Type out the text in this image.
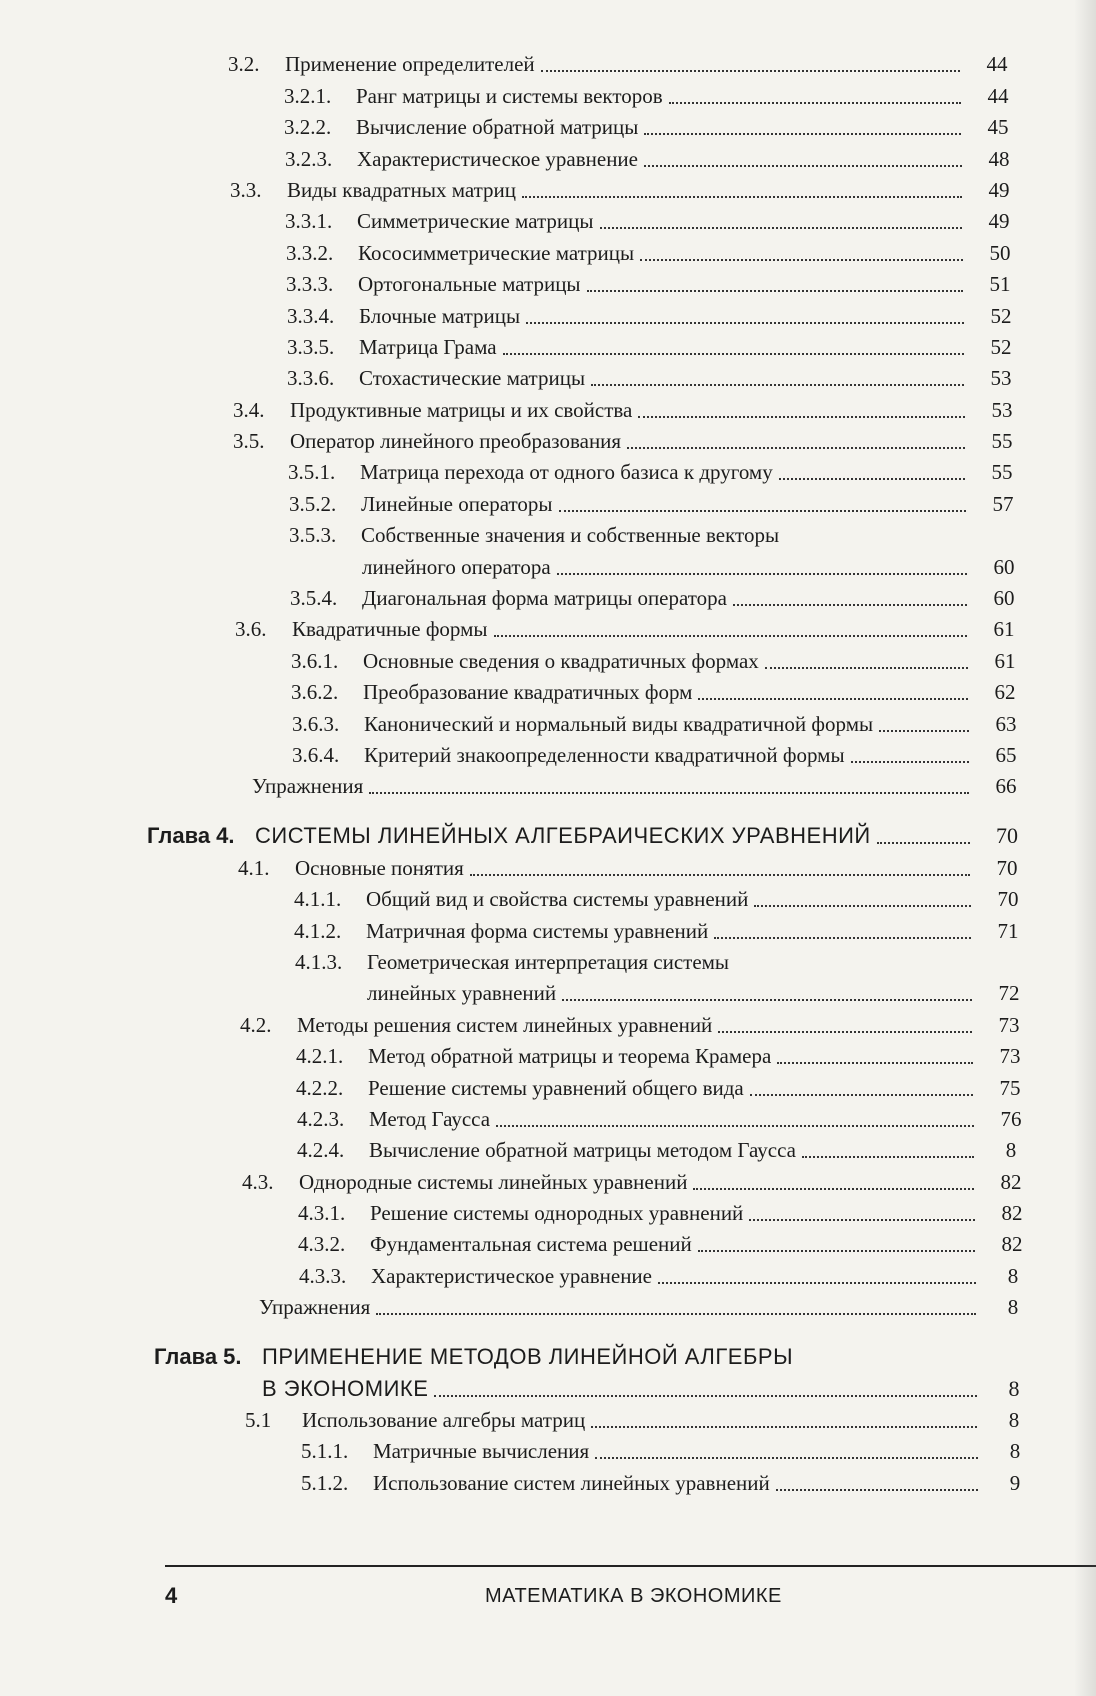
3.2. Применение определителей	44
3.2.1. Ранг матрицы и системы векторов	44
3.2.2. Вычисление обратной матрицы	45
3.2.3. Характеристическое уравнение	48
3.3. Виды квадратных матриц	49
3.3.1. Симметрические матрицы	49
3.3.2. Кососимметрические матрицы	50
3.3.3. Ортогональные матрицы	51
3.3.4. Блочные матрицы	52
3.3.5. Матрица Грама	52
3.3.6. Стохастические матрицы	53
3.4. Продуктивные матрицы и их свойства	53
3.5. Оператор линейного преобразования	55
3.5.1. Матрица перехода от одного базиса к другому	55
3.5.2. Линейные операторы	57
3.5.3. Собственные значения и собственные векторы
линейного оператора	60
3.5.4. Диагональная форма матрицы оператора	60
3.6. Квадратичные формы	61
3.6.1. Основные сведения о квадратичных формах	61
3.6.2. Преобразование квадратичных форм	62
3.6.3. Канонический и нормальный виды квадратичной формы	63
3.6.4. Критерий знакоопределенности квадратичной формы	65
Упражнения	66
Глава 4. СИСТЕМЫ ЛИНЕЙНЫХ АЛГЕБРАИЧЕСКИХ УРАВНЕНИЙ	70
4.1. Основные понятия	70
4.1.1. Общий вид и свойства системы уравнений	70
4.1.2. Матричная форма системы уравнений	71
4.1.3. Геометрическая интерпретация системы
линейных уравнений	72
4.2. Методы решения систем линейных уравнений	73
4.2.1. Метод обратной матрицы и теорема Крамера	73
4.2.2. Решение системы уравнений общего вида	75
4.2.3. Метод Гаусса	76
4.2.4. Вычисление обратной матрицы методом Гаусса	8
4.3. Однородные системы линейных уравнений	82
4.3.1. Решение системы однородных уравнений	82
4.3.2. Фундаментальная система решений	82
4.3.3. Характеристическое уравнение	8
Упражнения	8
Глава 5. ПРИМЕНЕНИЕ МЕТОДОВ ЛИНЕЙНОЙ АЛГЕБРЫ
В ЭКОНОМИКЕ	8
5.1 Использование алгебры матриц	8
5.1.1. Матричные вычисления	8
5.1.2. Использование систем линейных уравнений	9
4	МАТЕМАТИКА В ЭКОНОМИКЕ
